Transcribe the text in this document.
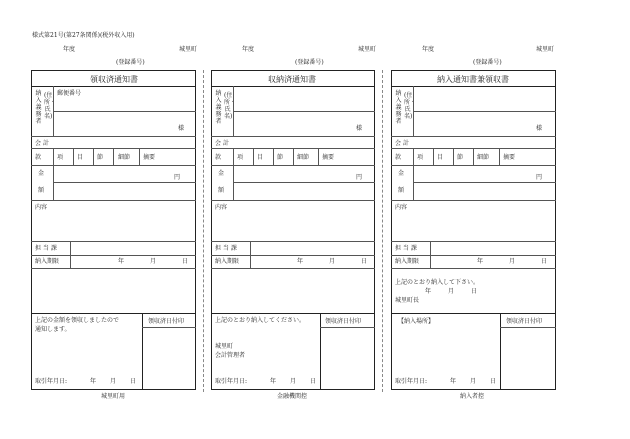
様式第21号(第27条関係)(税外収入用)
年度	城里町
(登録番号)
領収済通知書
納入義務者
(住所・氏名)
郵便番号
様
会 計
款	項 目 節 細節 摘要
金
円
額
内容
担 当 課
納入期限	年	月	日
上記の金額を領収しましたので
通知します。
領収済日付印
取引年月日:	年 月 日
城里町用
年度	城里町
(登録番号)
収納済通知書
納入義務者
(住所・氏名)
様
会 計
款	項 目 節 細節 摘要
金
円
額
内容
担 当 課
納入期限	年	月	日
上記のとおり納入してください。
城里町
会計管理者
領収済日付印
取引年月日:	年 月 日
金融機関控
年度	城里町
(登録番号)
納入通知書兼領収書
納入義務者
(住所・氏名)
様
会 計
款	項 目 節 細節 摘要
金
円
額
内容
担 当 課
納入期限	年	月	日
上記のとおり納入して下さい。
年	月	日
城里町長
【納入場所】	領収済日付印
取引年月日:	年 月 日
納入者控
